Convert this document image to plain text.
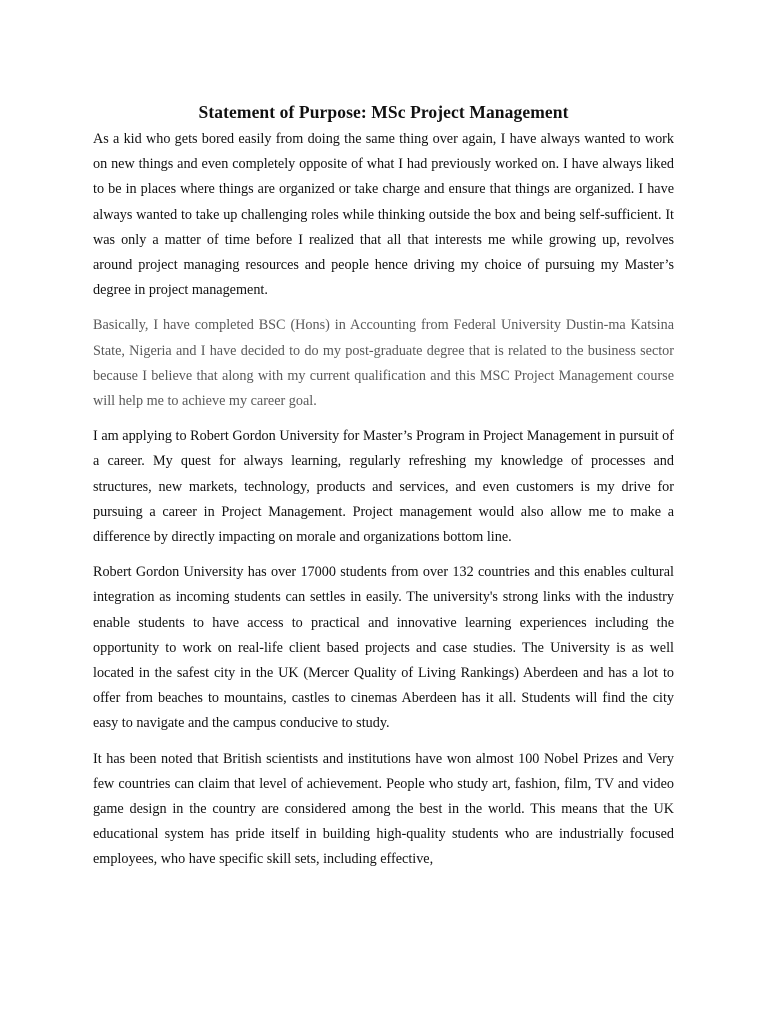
Statement of Purpose: MSc Project Management

As a kid who gets bored easily from doing the same thing over again, I have always wanted to work on new things and even completely opposite of what I had previously worked on. I have always liked to be in places where things are organized or take charge and ensure that things are organized. I have always wanted to take up challenging roles while thinking outside the box and being self-sufficient. It was only a matter of time before I realized that all that interests me while growing up, revolves around project managing resources and people hence driving my choice of pursuing my Master’s degree in project management.

Basically, I have completed BSC (Hons) in Accounting from Federal University Dustin-ma Katsina State, Nigeria and I have decided to do my post-graduate degree that is related to the business sector because I believe that along with my current qualification and this MSC Project Management course will help me to achieve my career goal.

I am applying to Robert Gordon University for Master’s Program in Project Management in pursuit of a career. My quest for always learning, regularly refreshing my knowledge of processes and structures, new markets, technology, products and services, and even customers is my drive for pursuing a career in Project Management. Project management would also allow me to make a difference by directly impacting on morale and organizations bottom line.

Robert Gordon University has over 17000 students from over 132 countries and this enables cultural integration as incoming students can settles in easily. The university's strong links with the industry enable students to have access to practical and innovative learning experiences including the opportunity to work on real-life client based projects and case studies. The University is as well located in the safest city in the UK (Mercer Quality of Living Rankings) Aberdeen and has a lot to offer from beaches to mountains, castles to cinemas Aberdeen has it all. Students will find the city easy to navigate and the campus conducive to study.

It has been noted that British scientists and institutions have won almost 100 Nobel Prizes and Very few countries can claim that level of achievement. People who study art, fashion, film, TV and video game design in the country are considered among the best in the world. This means that the UK educational system has pride itself in building high-quality students who are industrially focused employees, who have specific skill sets, including effective,
